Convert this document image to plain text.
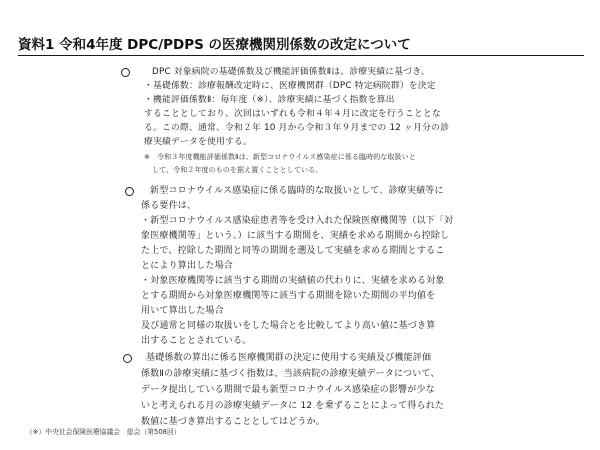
資料1 令和4年度 DPC/PDPS の医療機関別係数の改定について
DPC 対象病院の基礎係数及び機能評価係数Ⅱは、診療実績に基づき、
・基礎係数：診療報酬改定時に、医療機関群（DPC 特定病院群）を決定
・機能評価係数Ⅱ：毎年度（※）、診療実績に基づく指数を算出
することとしており、次回はいずれも令和４年４月に改定を行うこととな
る。この際、通常、令和２年 10 月から令和３年９月までの 12 ヶ月分の診
療実績データを使用する。
※　令和３年度機能評価係数Ⅱは、新型コロナウイルス感染症に係る臨時的な取扱いと
して、令和２年度のものを据え置くこととしている。
新型コロナウイルス感染症に係る臨時的な取扱いとして、診療実績等に
係る要件は、
・新型コロナウイルス感染症患者等を受け入れた保険医療機関等（以下「対
象医療機関等」という。）に該当する期間を、実績を求める期間から控除し
た上で、控除した期間と同等の期間を遡及して実績を求める期間とするこ
とにより算出した場合
・対象医療機関等に該当する期間の実績値の代わりに、実績を求める対象
とする期間から対象医療機関等に該当する期間を除いた期間の平均値を
用いて算出した場合
及び通常と同様の取扱いをした場合とを比較してより高い値に基づき算
出することとされている。
基礎係数の算出に係る医療機関群の決定に使用する実績及び機能評価
係数Ⅱの診療実績に基づく指数は、当該病院の診療実績データについて、
データ提出している期間で最も新型コロナウイルス感染症の影響が少な
いと考えられる月の診療実績データに 12 を乗ずることによって得られた
数値に基づき算出することとしてはどうか。
（※）中央社会保険医療協議会　総会（第508回）
